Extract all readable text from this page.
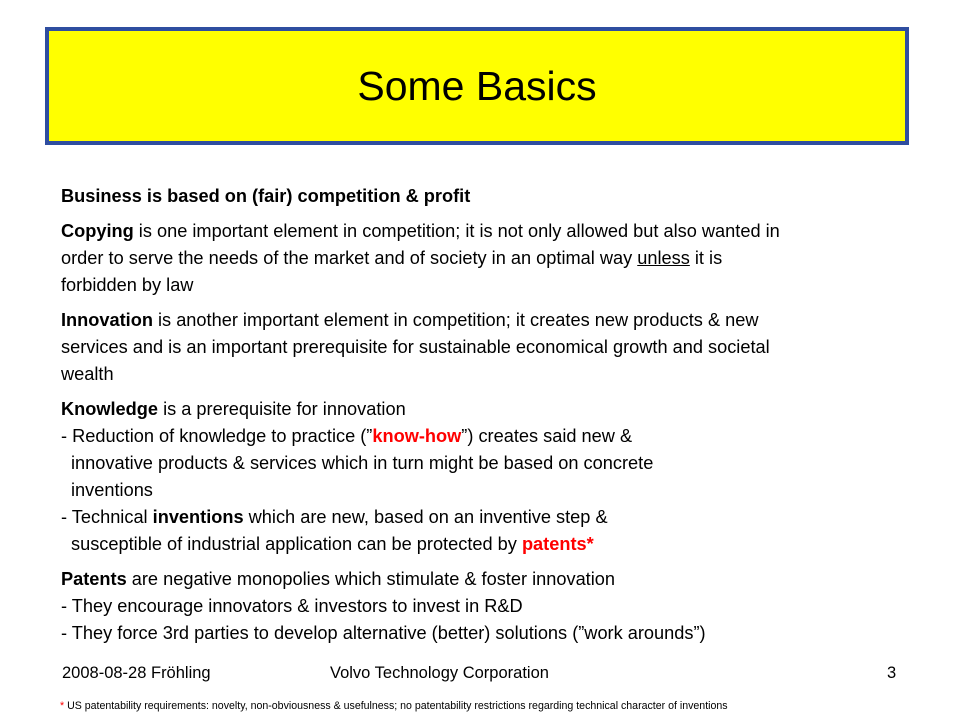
Some Basics
Business is based on (fair) competition & profit
Copying is one important element in competition; it is not only allowed but also wanted in
order to serve the needs of the market and of society in an optimal way unless it is
forbidden by law
Innovation is another important element in competition; it creates new products & new
services and is an important prerequisite for sustainable economical growth and societal
wealth
Knowledge is a prerequisite for innovation
- Reduction of knowledge to practice (”know-how”) creates said new &
innovative products & services which in turn might be based on concrete
inventions
- Technical inventions which are new, based on an inventive step &
susceptible of industrial application can be protected by patents*
Patents are negative monopolies which stimulate & foster innovation
- They encourage innovators & investors to invest in R&D
- They force 3rd parties to develop alternative (better) solutions (”work arounds”)
2008-08-28 Fröhling	Volvo Technology Corporation	3
* US patentability requirements: novelty, non-obviousness & usefulness; no patentability restrictions regarding technical character of inventions
